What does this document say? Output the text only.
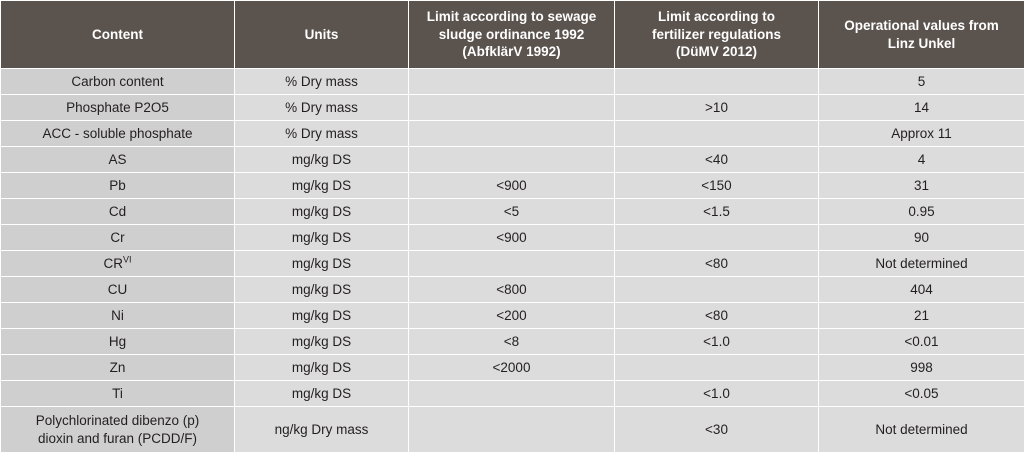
Content	Units	Limit according to sewage
sludge ordinance 1992
(AbfklärV 1992)	Limit according to
fertilizer regulations
(DüMV 2012)	Operational values from
Linz Unkel

Carbon content	% Dry mass			5
Phosphate P2O5	% Dry mass		>10	14
ACC - soluble phosphate	% Dry mass			Approx 11
AS	mg/kg DS		<40	4
Pb	mg/kg DS	<900	<150	31
Cd	mg/kg DS	<5	<1.5	0.95
Cr	mg/kg DS	<900		90
$CR^{VI}$	mg/kg DS		<80	Not determined
CU	mg/kg DS	<800		404
Ni	mg/kg DS	<200	<80	21
Hg	mg/kg DS	<8	<1.0	<0.01
Zn	mg/kg DS	<2000		998
Ti	mg/kg DS		<1.0	<0.05

Polychlorinated dibenzo (p)
dioxin and furan (PCDD/F)	ng/kg Dry mass		<30	Not determined
